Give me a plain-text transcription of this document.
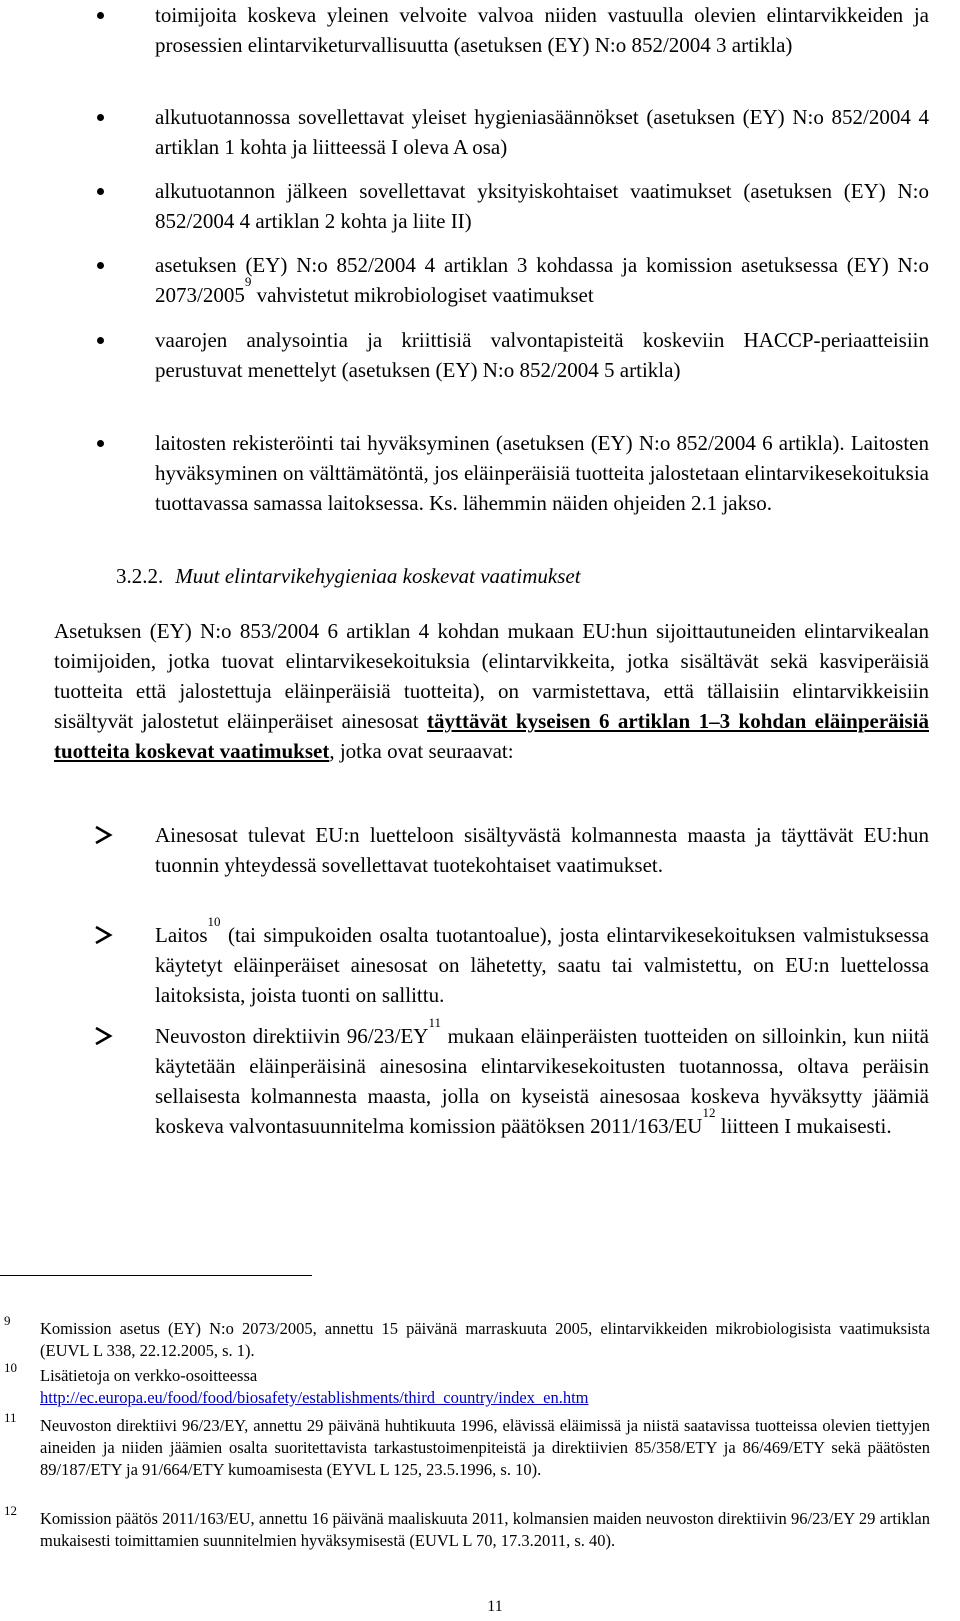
toimijoita koskeva yleinen velvoite valvoa niiden vastuulla olevien elintarvikkeiden ja prosessien elintarviketurvallisuutta (asetuksen (EY) N:o 852/2004 3 artikla)
alkutuotannossa sovellettavat yleiset hygieniasäännökset (asetuksen (EY) N:o 852/2004 4 artiklan 1 kohta ja liitteessä I oleva A osa)
alkutuotannon jälkeen sovellettavat yksityiskohtaiset vaatimukset (asetuksen (EY) N:o 852/2004 4 artiklan 2 kohta ja liite II)
asetuksen (EY) N:o 852/2004 4 artiklan 3 kohdassa ja komission asetuksessa (EY) N:o 2073/2005$^9$ vahvistetut mikrobiologiset vaatimukset
vaarojen analysointia ja kriittisiä valvontapisteitä koskeviin HACCP-periaatteisiin perustuvat menettelyt (asetuksen (EY) N:o 852/2004 5 artikla)
laitosten rekisteröinti tai hyväksyminen (asetuksen (EY) N:o 852/2004 6 artikla). Laitosten hyväksyminen on välttämätöntä, jos eläinperäisiä tuotteita jalostetaan elintarvikesekoituksia tuottavassa samassa laitoksessa. Ks. lähemmin näiden ohjeiden 2.1 jakso.
3.2.2. Muut elintarvikehygieniaa koskevat vaatimukset
Asetuksen (EY) N:o 853/2004 6 artiklan 4 kohdan mukaan EU:hun sijoittautuneiden elintarvikealan toimijoiden, jotka tuovat elintarvikesekoituksia (elintarvikkeita, jotka sisältävät sekä kasviperäisiä tuotteita että jalostettuja eläinperäisiä tuotteita), on varmistettava, että tällaisiin elintarvikkeisiin sisältyvät jalostetut eläinperäiset ainesosat täyttävät kyseisen 6 artiklan 1–3 kohdan eläinperäisiä tuotteita koskevat vaatimukset, jotka ovat seuraavat:
Ainesosat tulevat EU:n luetteloon sisältyvästä kolmannesta maasta ja täyttävät EU:hun tuonnin yhteydessä sovellettavat tuotekohtaiset vaatimukset.
Laitos$^{10}$ (tai simpukoiden osalta tuotantoalue), josta elintarvikesekoituksen valmistuksessa käytetyt eläinperäiset ainesosat on lähetetty, saatu tai valmistettu, on EU:n luettelossa laitoksista, joista tuonti on sallittu.
Neuvoston direktiivin 96/23/EY$^{11}$ mukaan eläinperäisten tuotteiden on silloinkin, kun niitä käytetään eläinperäisinä ainesosina elintarvikesekoitusten tuotannossa, oltava peräisin sellaisesta kolmannesta maasta, jolla on kyseistä ainesosaa koskeva hyväksytty jäämiä koskeva valvontasuunnitelma komission päätöksen 2011/163/EU$^{12}$ liitteen I mukaisesti.
9 Komission asetus (EY) N:o 2073/2005, annettu 15 päivänä marraskuuta 2005, elintarvikkeiden mikrobiologisista vaatimuksista (EUVL L 338, 22.12.2005, s. 1).
10 Lisätietoja on verkko-osoitteessa
http://ec.europa.eu/food/food/biosafety/establishments/third_country/index_en.htm
11 Neuvoston direktiivi 96/23/EY, annettu 29 päivänä huhtikuuta 1996, elävissä eläimissä ja niistä saatavissa tuotteissa olevien tiettyjen aineiden ja niiden jäämien osalta suoritettavista tarkastustoimenpiteistä ja direktiivien 85/358/ETY ja 86/469/ETY sekä päätösten 89/187/ETY ja 91/664/ETY kumoamisesta (EYVL L 125, 23.5.1996, s. 10).
12 Komission päätös 2011/163/EU, annettu 16 päivänä maaliskuuta 2011, kolmansien maiden neuvoston direktiivin 96/23/EY 29 artiklan mukaisesti toimittamien suunnitelmien hyväksymisestä (EUVL L 70, 17.3.2011, s. 40).
11
